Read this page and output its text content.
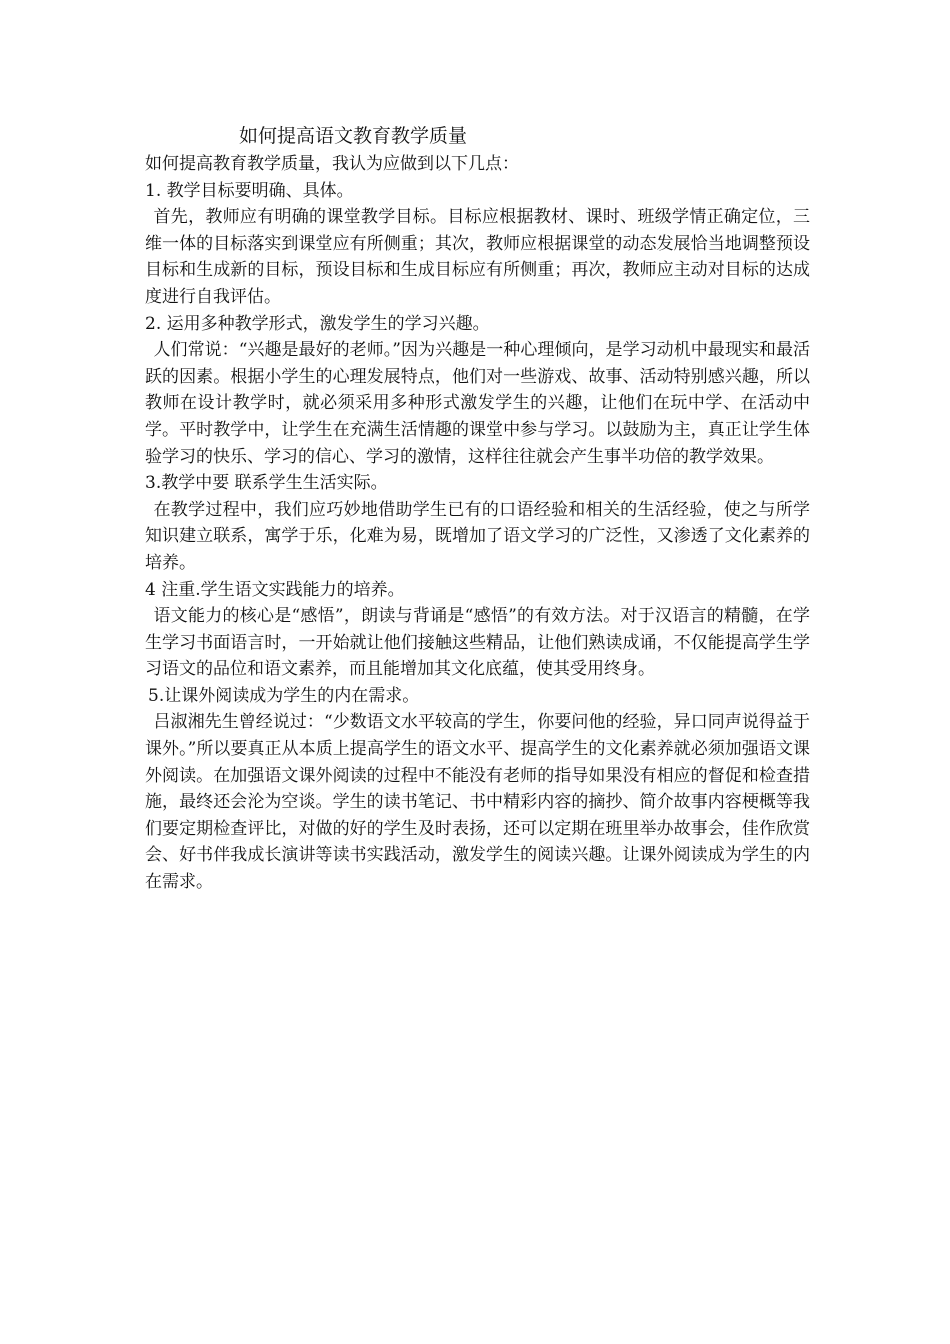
如何提高语文教育教学质量

如何提高教育教学质量，我认为应做到以下几点：

1. 教学目标要明确、具体。

首先，教师应有明确的课堂教学目标。目标应根据教材、课时、班级学情正确定位，三维一体的目标落实到课堂应有所侧重；其次，教师应根据课堂的动态发展恰当地调整预设目标和生成新的目标，预设目标和生成目标应有所侧重；再次，教师应主动对目标的达成度进行自我评估。

2. 运用多种教学形式，激发学生的学习兴趣。

人们常说：“兴趣是最好的老师。”因为兴趣是一种心理倾向，是学习动机中最现实和最活跃的因素。根据小学生的心理发展特点，他们对一些游戏、故事、活动特别感兴趣，所以教师在设计教学时，就必须采用多种形式激发学生的兴趣，让他们在玩中学、在活动中学。平时教学中，让学生在充满生活情趣的课堂中参与学习。以鼓励为主，真正让学生体验学习的快乐、学习的信心、学习的激情，这样往往就会产生事半功倍的教学效果。

3.教学中要 联系学生生活实际。

在教学过程中，我们应巧妙地借助学生已有的口语经验和相关的生活经验，使之与所学知识建立联系，寓学于乐，化难为易，既增加了语文学习的广泛性，又渗透了文化素养的培养。

4 注重.学生语文实践能力的培养。

语文能力的核心是“感悟”，朗读与背诵是“感悟”的有效方法。对于汉语言的精髓，在学生学习书面语言时，一开始就让他们接触这些精品，让他们熟读成诵，不仅能提高学生学习语文的品位和语文素养，而且能增加其文化底蕴，使其受用终身。

5.让课外阅读成为学生的内在需求。

吕淑湘先生曾经说过：“少数语文水平较高的学生，你要问他的经验，异口同声说得益于课外。”所以要真正从本质上提高学生的语文水平、提高学生的文化素养就必须加强语文课外阅读。在加强语文课外阅读的过程中不能没有老师的指导如果没有相应的督促和检查措施，最终还会沦为空谈。学生的读书笔记、书中精彩内容的摘抄、简介故事内容梗概等我们要定期检查评比，对做的好的学生及时表扬，还可以定期在班里举办故事会，佳作欣赏会、好书伴我成长演讲等读书实践活动，激发学生的阅读兴趣。让课外阅读成为学生的内在需求。
